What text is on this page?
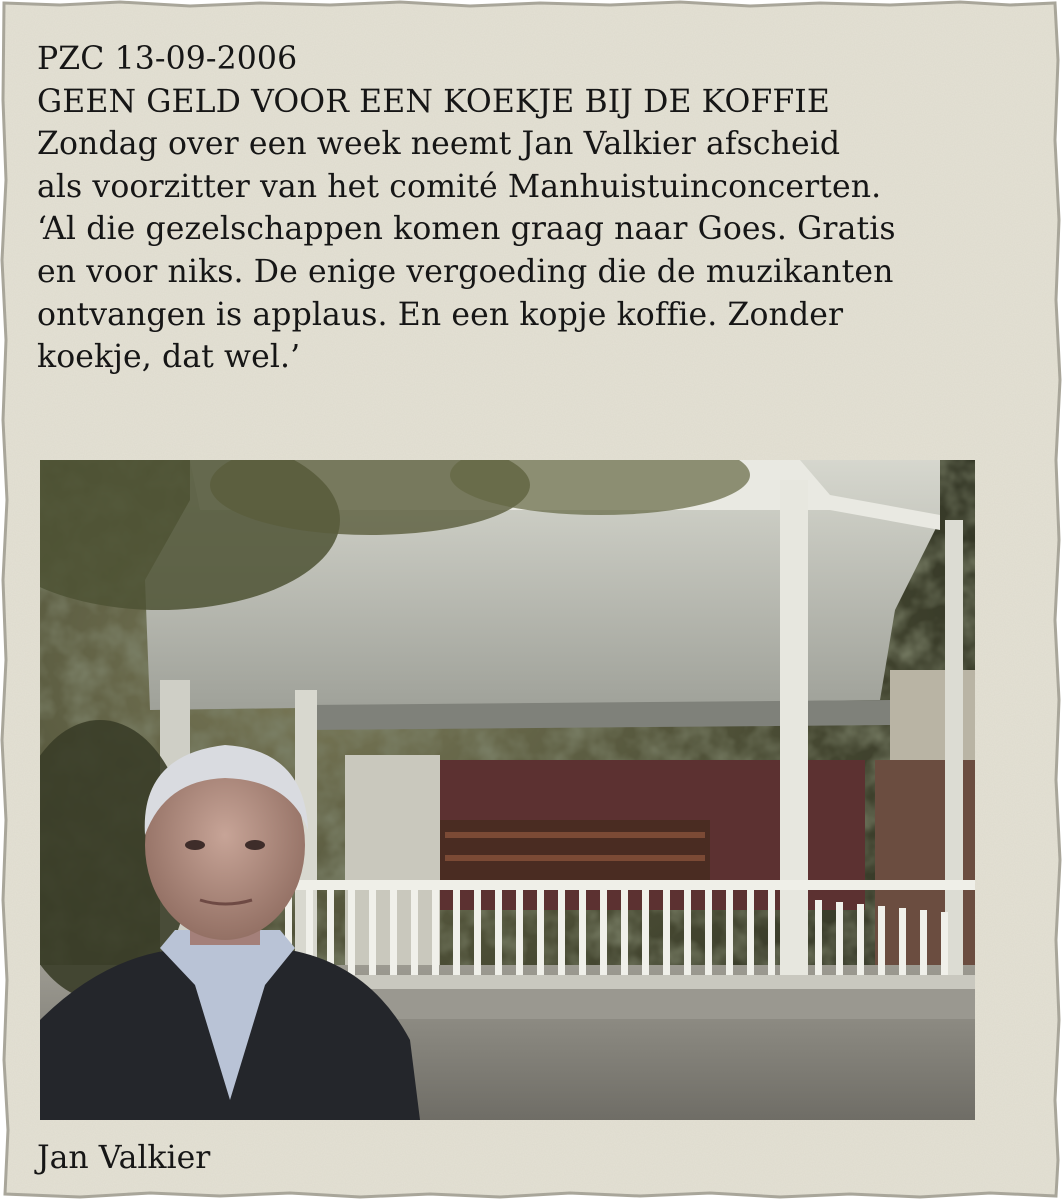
PZC 13-09-2006
GEEN GELD VOOR EEN KOEKJE BIJ DE KOFFIE
Zondag over een week neemt Jan Valkier afscheid
als voorzitter van het comité Manhuistuinconcerten.
‘Al die gezelschappen komen graag naar Goes. Gratis
en voor niks. De enige vergoeding die de muzikanten
ontvangen is applaus. En een kopje koffie. Zonder
koekje, dat wel.’
Jan Valkier
